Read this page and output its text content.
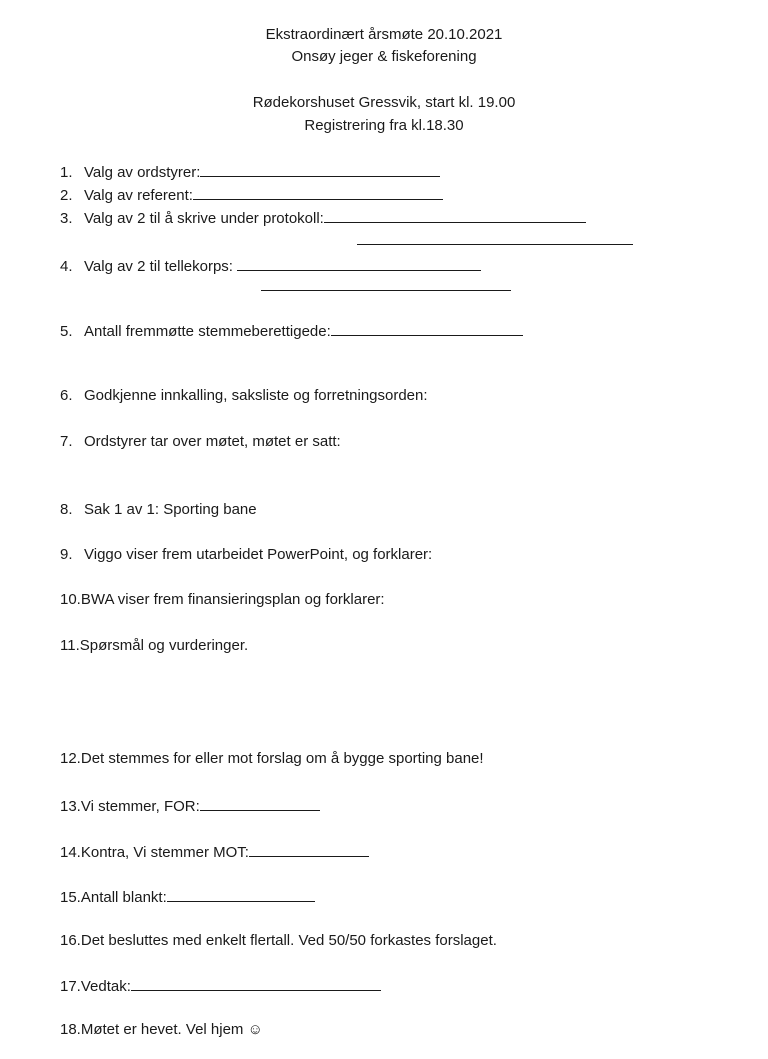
Ekstraordinært årsmøte 20.10.2021
Onsøy jeger & fiskeforening
Rødekorshuset Gressvik, start kl. 19.00
Registrering fra kl.18.30
1. Valg av ordstyrer:
2. Valg av referent:
3. Valg av 2 til å skrive under protokoll:
4. Valg av 2 til tellekorps:
5. Antall fremmøtte stemmeberettigede:
6. Godkjenne innkalling, saksliste og forretningsorden:
7. Ordstyrer tar over møtet, møtet er satt:
8. Sak 1 av 1: Sporting bane
9. Viggo viser frem utarbeidet PowerPoint, og forklarer:
10.BWA viser frem finansieringsplan og forklarer:
11.Spørsmål og vurderinger.
12.Det stemmes for eller mot forslag om å bygge sporting bane!
13.Vi stemmer, FOR:
14.Kontra, Vi stemmer MOT:
15.Antall blankt:
16.Det besluttes med enkelt flertall. Ved 50/50 forkastes forslaget.
17.Vedtak:
18.Møtet er hevet. Vel hjem ☺
